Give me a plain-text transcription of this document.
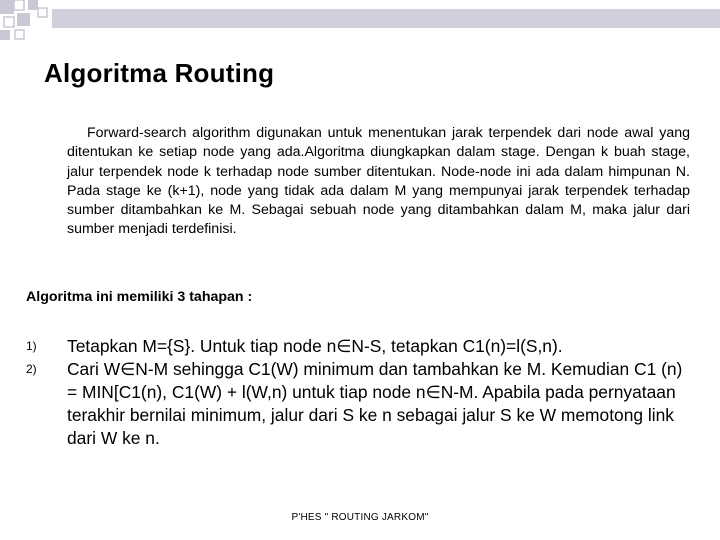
Algoritma Routing

Forward-search algorithm digunakan untuk menentukan jarak terpendek dari node awal yang ditentukan ke setiap node yang ada.Algoritma diungkapkan dalam stage. Dengan k buah stage, jalur terpendek node k terhadap node sumber ditentukan. Node-node ini ada dalam himpunan N. Pada stage ke (k+1), node yang tidak ada dalam M yang mempunyai jarak terpendek terhadap sumber ditambahkan ke M. Sebagai sebuah node yang ditambahkan dalam M, maka jalur dari sumber menjadi terdefinisi.

Algoritma ini memiliki 3 tahapan :
1) Tetapkan M={S}. Untuk tiap node n∈N-S, tetapkan C1(n)=l(S,n).
2) Cari W∈N-M sehingga C1(W) minimum dan tambahkan ke M. Kemudian C1 (n) = MIN[C1(n), C1(W) + l(W,n) untuk tiap node n∈N-M. Apabila pada pernyataan terakhir bernilai minimum, jalur dari S ke n sebagai jalur S ke W memotong link dari W ke n.
P'HES " ROUTING JARKOM"
